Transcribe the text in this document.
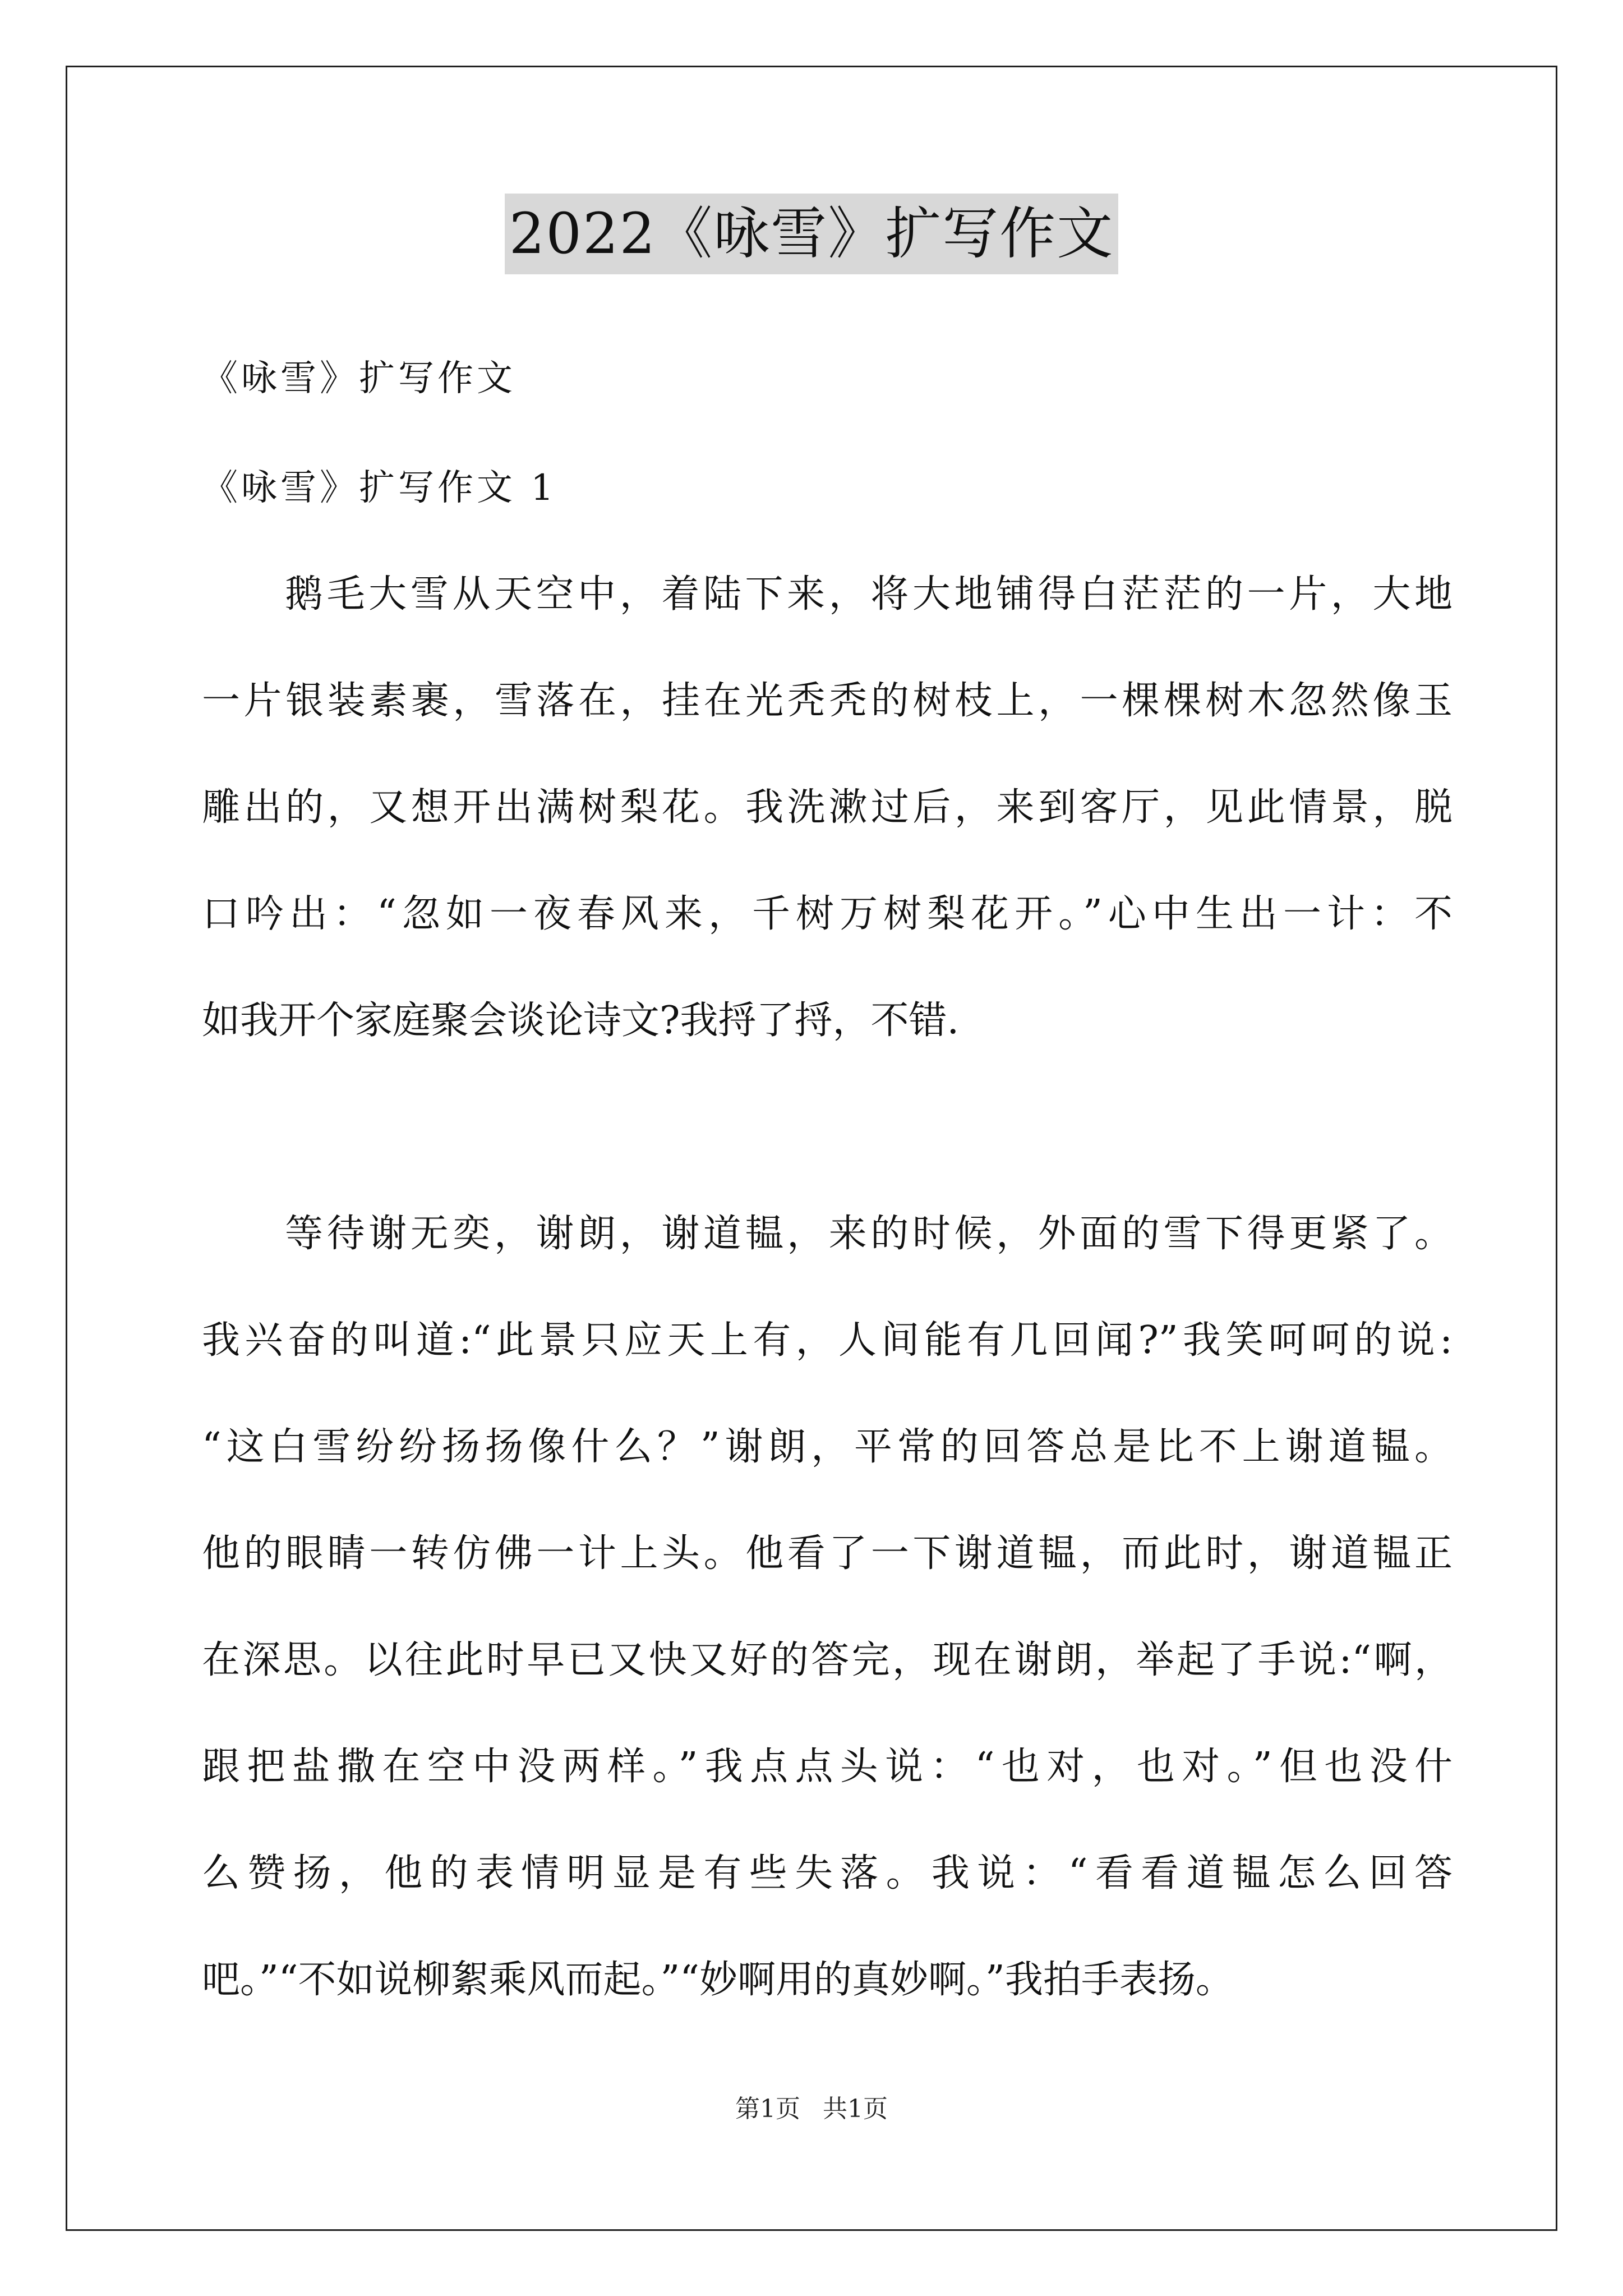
2022《咏雪》扩写作文
《咏雪》扩写作文
《咏雪》扩写作文 1
鹅毛大雪从天空中，着陆下来，将大地铺得白茫茫的一片，大地
一片银装素裹，雪落在，挂在光秃秃的树枝上，一棵棵树木忽然像玉
雕出的，又想开出满树梨花。我洗漱过后，来到客厅，见此情景，脱
口吟出：“忽如一夜春风来，千树万树梨花开。”心中生出一计：不
如我开个家庭聚会谈论诗文?我捋了捋，不错.
等待谢无奕，谢朗，谢道韫，来的时候，外面的雪下得更紧了。
我兴奋的叫道:“此景只应天上有，人间能有几回闻?”我笑呵呵的说:
“这白雪纷纷扬扬像什么？”谢朗，平常的回答总是比不上谢道韫。
他的眼睛一转仿佛一计上头。他看了一下谢道韫，而此时，谢道韫正
在深思。以往此时早已又快又好的答完，现在谢朗，举起了手说:“啊，
跟把盐撒在空中没两样。”我点点头说：“也对，也对。”但也没什
么赞扬，他的表情明显是有些失落。我说：“看看道韫怎么回答
吧。”“不如说柳絮乘风而起。”“妙啊用的真妙啊。”我拍手表扬。
第1页 共1页
